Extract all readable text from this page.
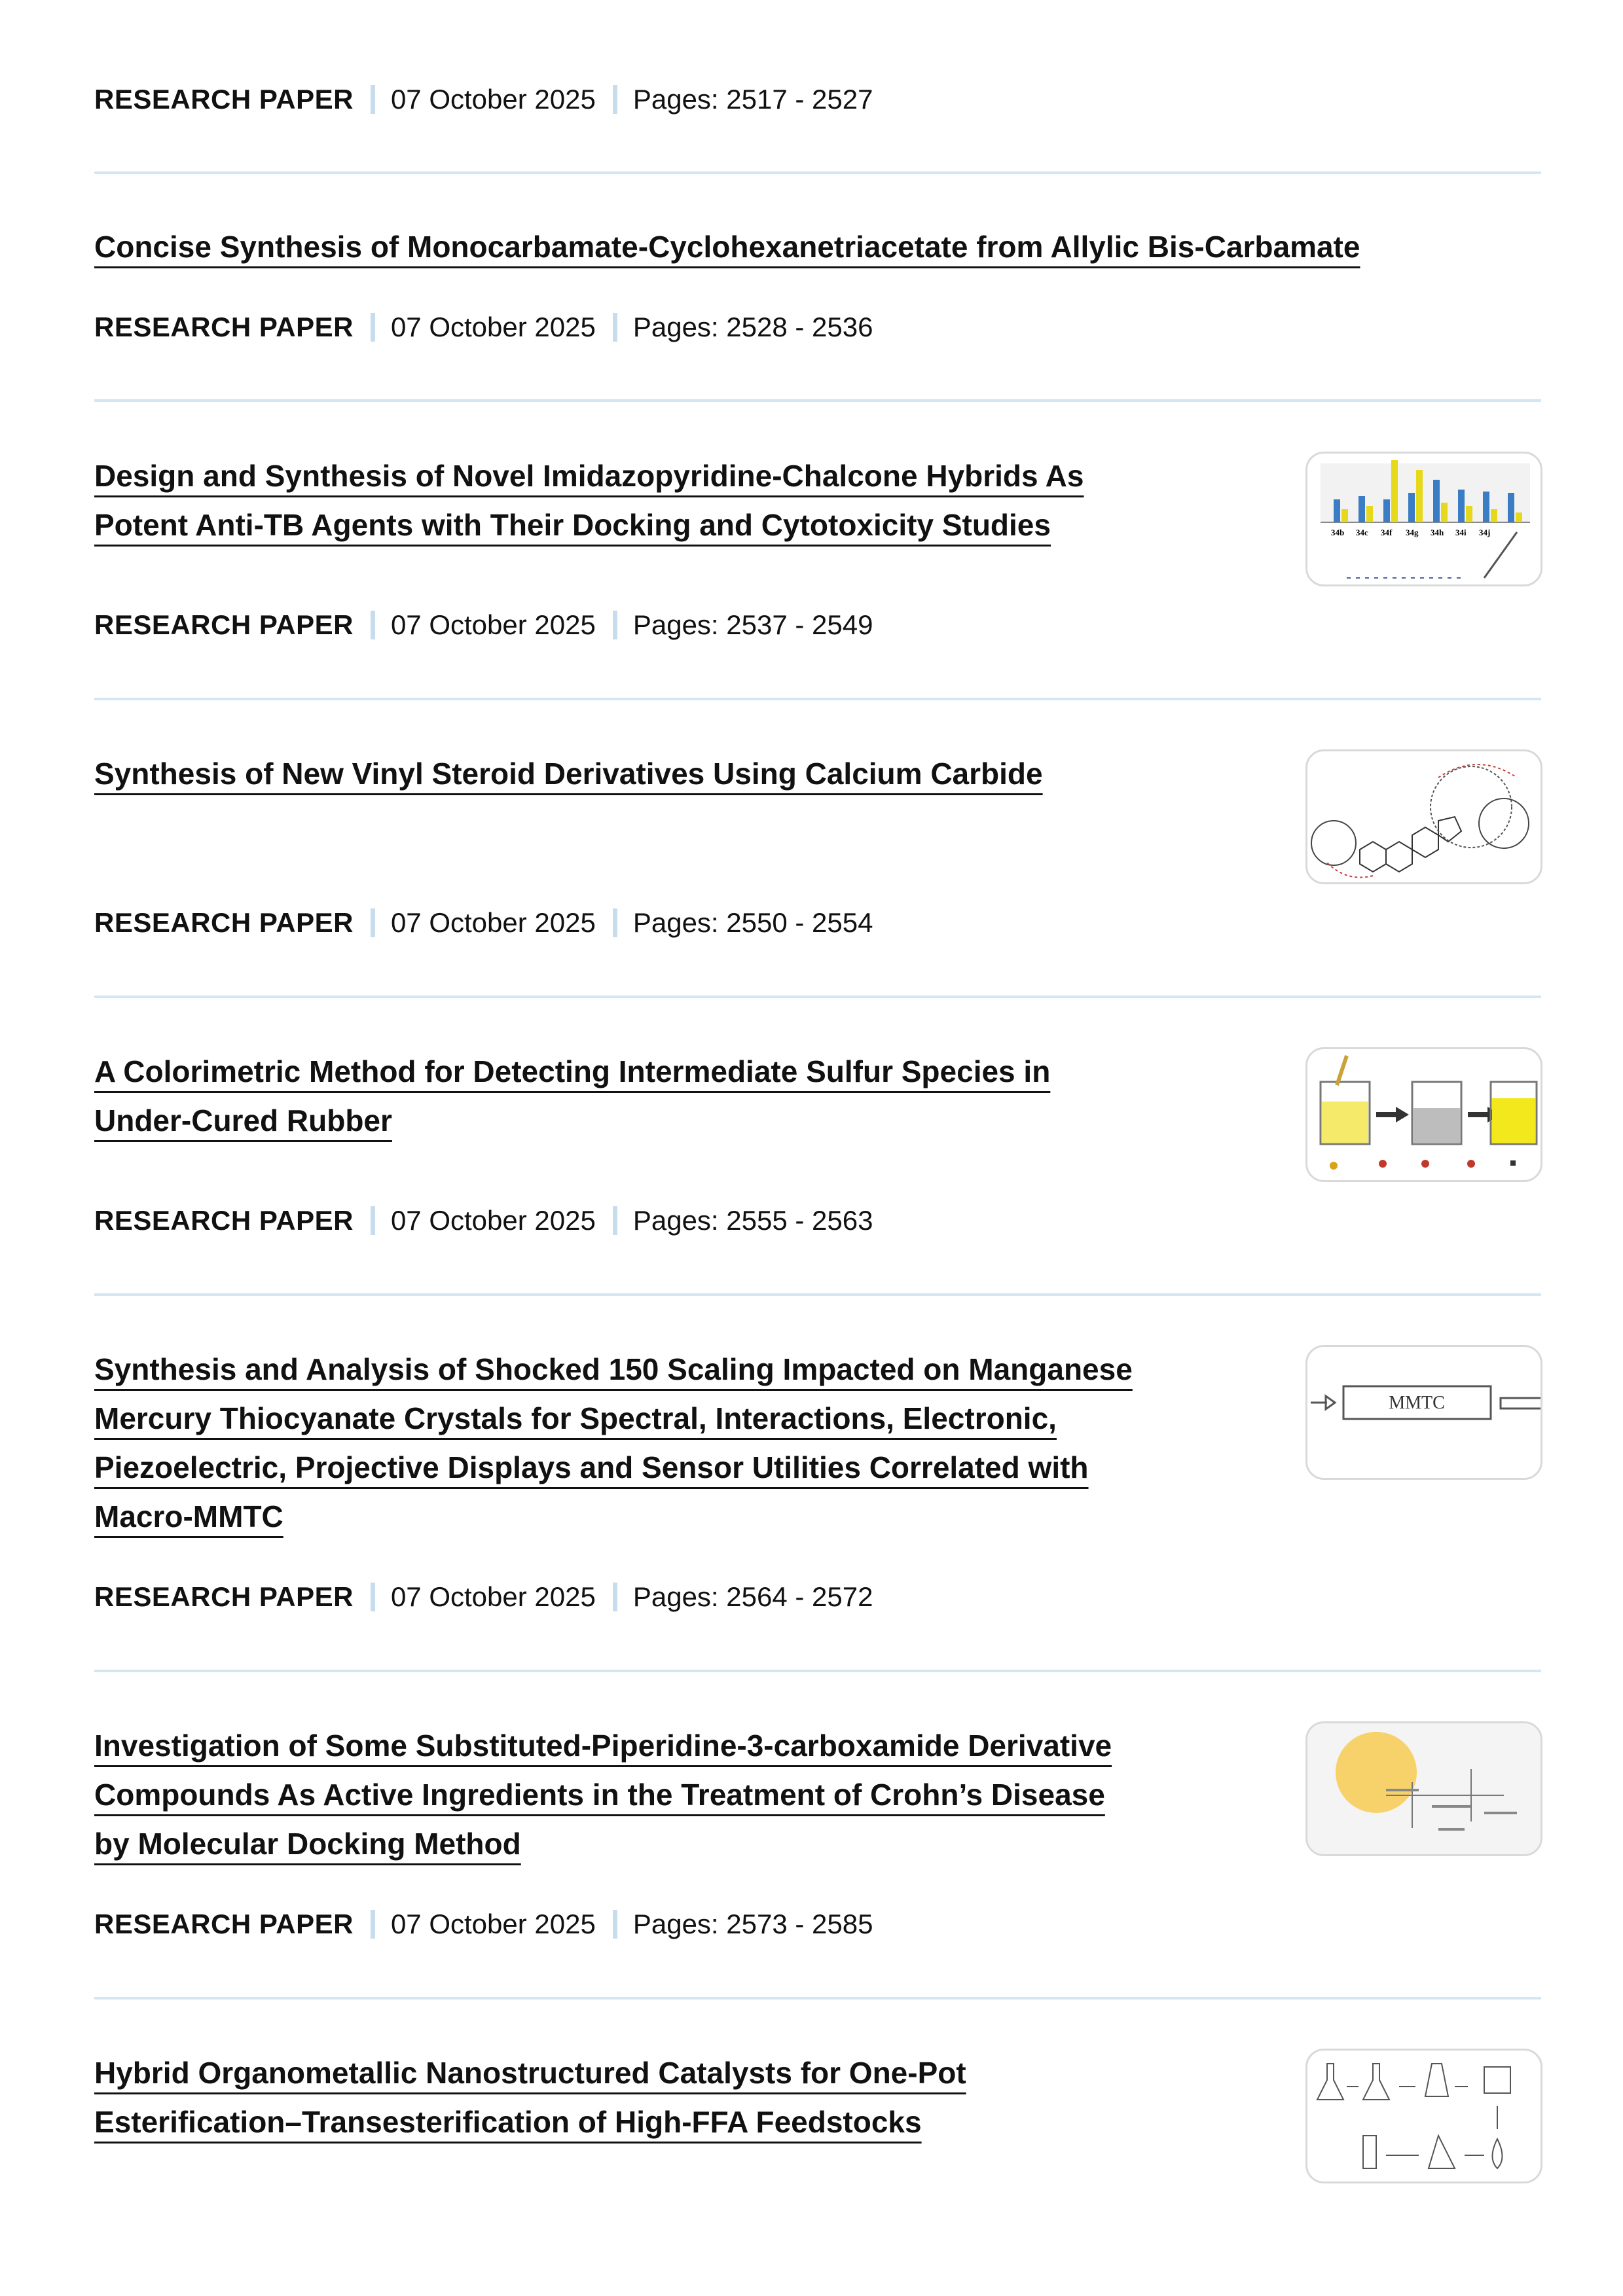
RESEARCH PAPER 07 October 2025 Pages: 2517 - 2527
Concise Synthesis of Monocarbamate-Cyclohexanetriacetate from Allylic Bis-Carbamate
RESEARCH PAPER 07 October 2025 Pages: 2528 - 2536
Design and Synthesis of Novel Imidazopyridine-Chalcone Hybrids As
Potent Anti-TB Agents with Their Docking and Cytotoxicity Studies	34b 34c 34f 34g 34h 34i 34j
RESEARCH PAPER 07 October 2025 Pages: 2537 - 2549
Synthesis of New Vinyl Steroid Derivatives Using Calcium Carbide
RESEARCH PAPER 07 October 2025 Pages: 2550 - 2554
A Colorimetric Method for Detecting Intermediate Sulfur Species in
Under-Cured Rubber
RESEARCH PAPER 07 October 2025 Pages: 2555 - 2563
Synthesis and Analysis of Shocked 150 Scaling Impacted on Manganese
Mercury Thiocyanate Crystals for Spectral, Interactions, Electronic,
Piezoelectric, Projective Displays and Sensor Utilities Correlated with
Macro-MMTC
MMTC
RESEARCH PAPER 07 October 2025 Pages: 2564 - 2572
Investigation of Some Substituted-Piperidine-3-carboxamide Derivative
Compounds As Active Ingredients in the Treatment of Crohn’s Disease
by Molecular Docking Method
RESEARCH PAPER 07 October 2025 Pages: 2573 - 2585
Hybrid Organometallic Nanostructured Catalysts for One-Pot
Esterification–Transesterification of High-FFA Feedstocks
